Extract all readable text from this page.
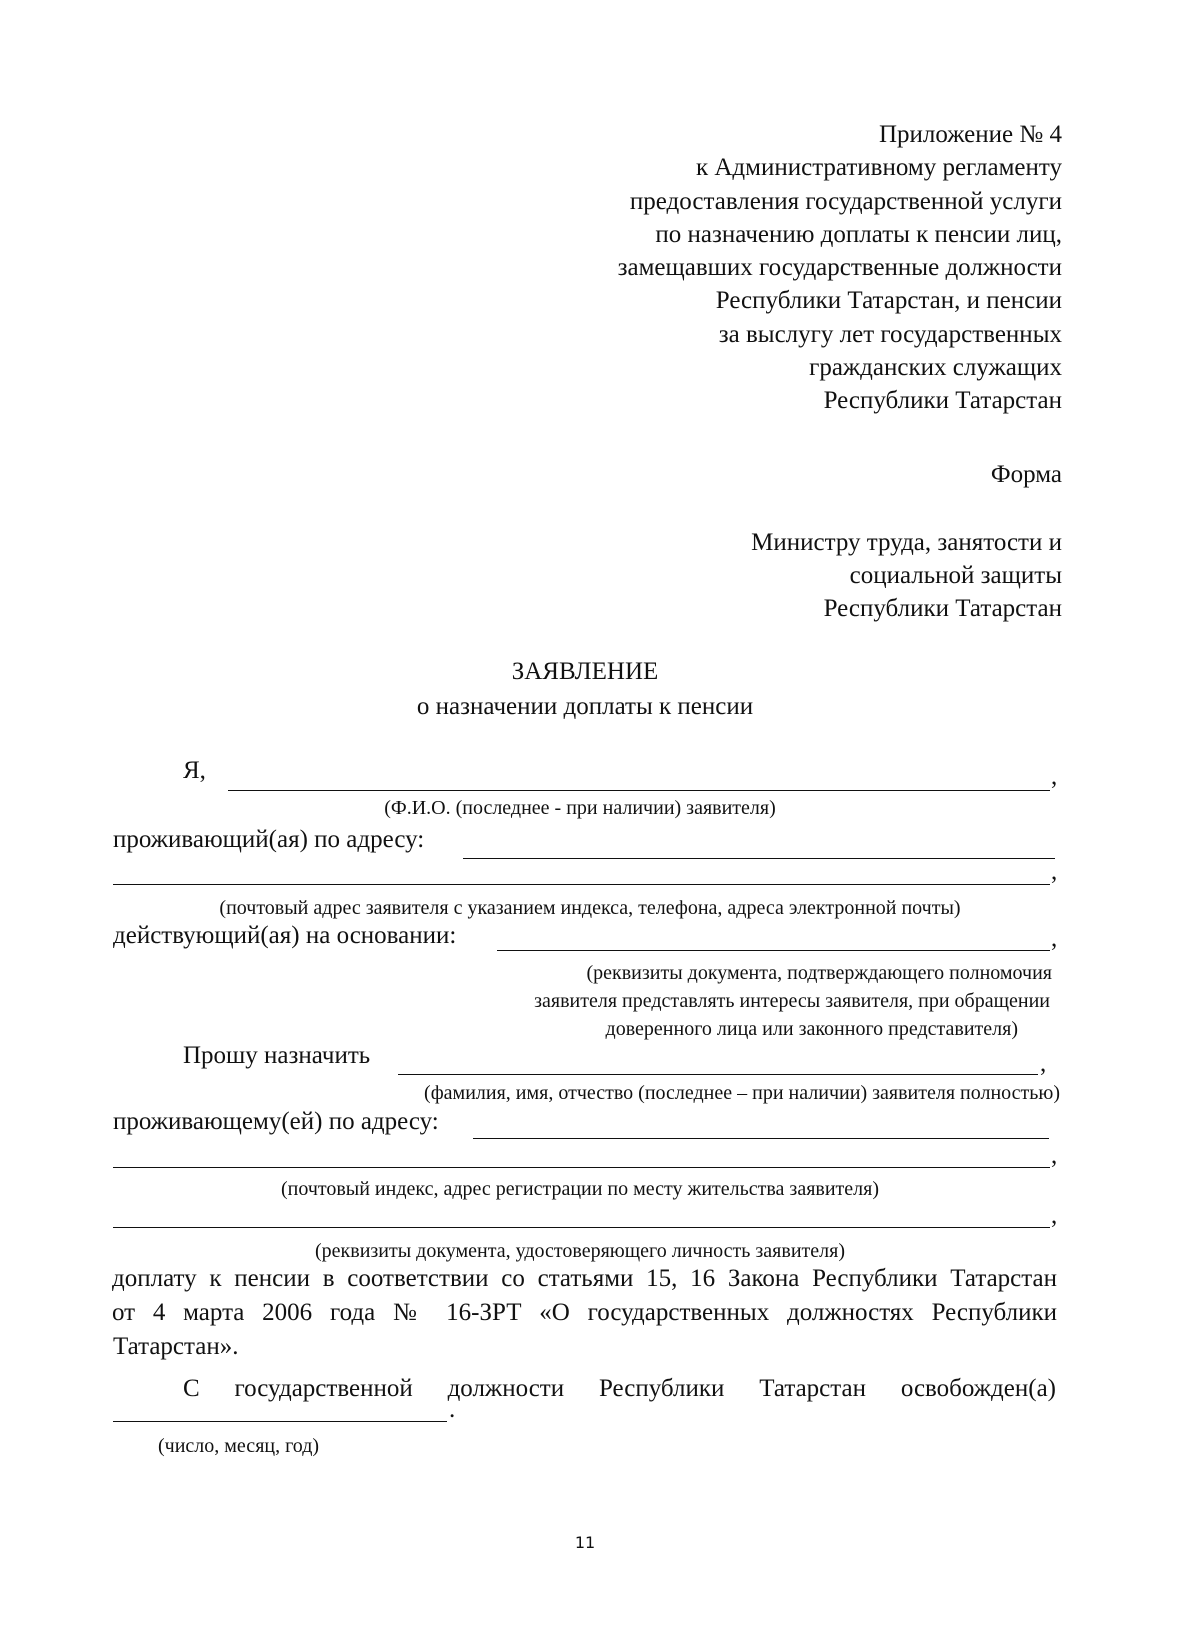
Приложение № 4
к Административному регламенту
предоставления государственной услуги
по назначению доплаты к пенсии лиц,
замещавших государственные должности
Республики Татарстан, и пенсии
за выслугу лет государственных
гражданских служащих
Республики Татарстан
Форма
Министру труда, занятости и
социальной защиты
Республики Татарстан
ЗАЯВЛЕНИЕ
о назначении доплаты к пенсии
Я,	,
(Ф.И.О. (последнее - при наличии) заявителя)
проживающий(ая) по адресу:
,
(почтовый адрес заявителя с указанием индекса, телефона, адреса электронной почты)
действующий(ая) на основании:	,
(реквизиты документа, подтверждающего полномочия
заявителя представлять интересы заявителя, при обращении
доверенного лица или законного представителя)
Прошу назначить	,
(фамилия, имя, отчество (последнее – при наличии) заявителя полностью)
проживающему(ей) по адресу:
,
(почтовый индекс, адрес регистрации по месту жительства заявителя)
,
(реквизиты документа, удостоверяющего личность заявителя)
доплату к пенсии в соответствии со статьями 15, 16 Закона Республики Татарстан
от 4 марта 2006 года № 16-ЗРТ «О государственных должностях Республики
Татарстан».
С государственной должности Республики Татарстан освобожден(а)
.
(число, месяц, год)
11
